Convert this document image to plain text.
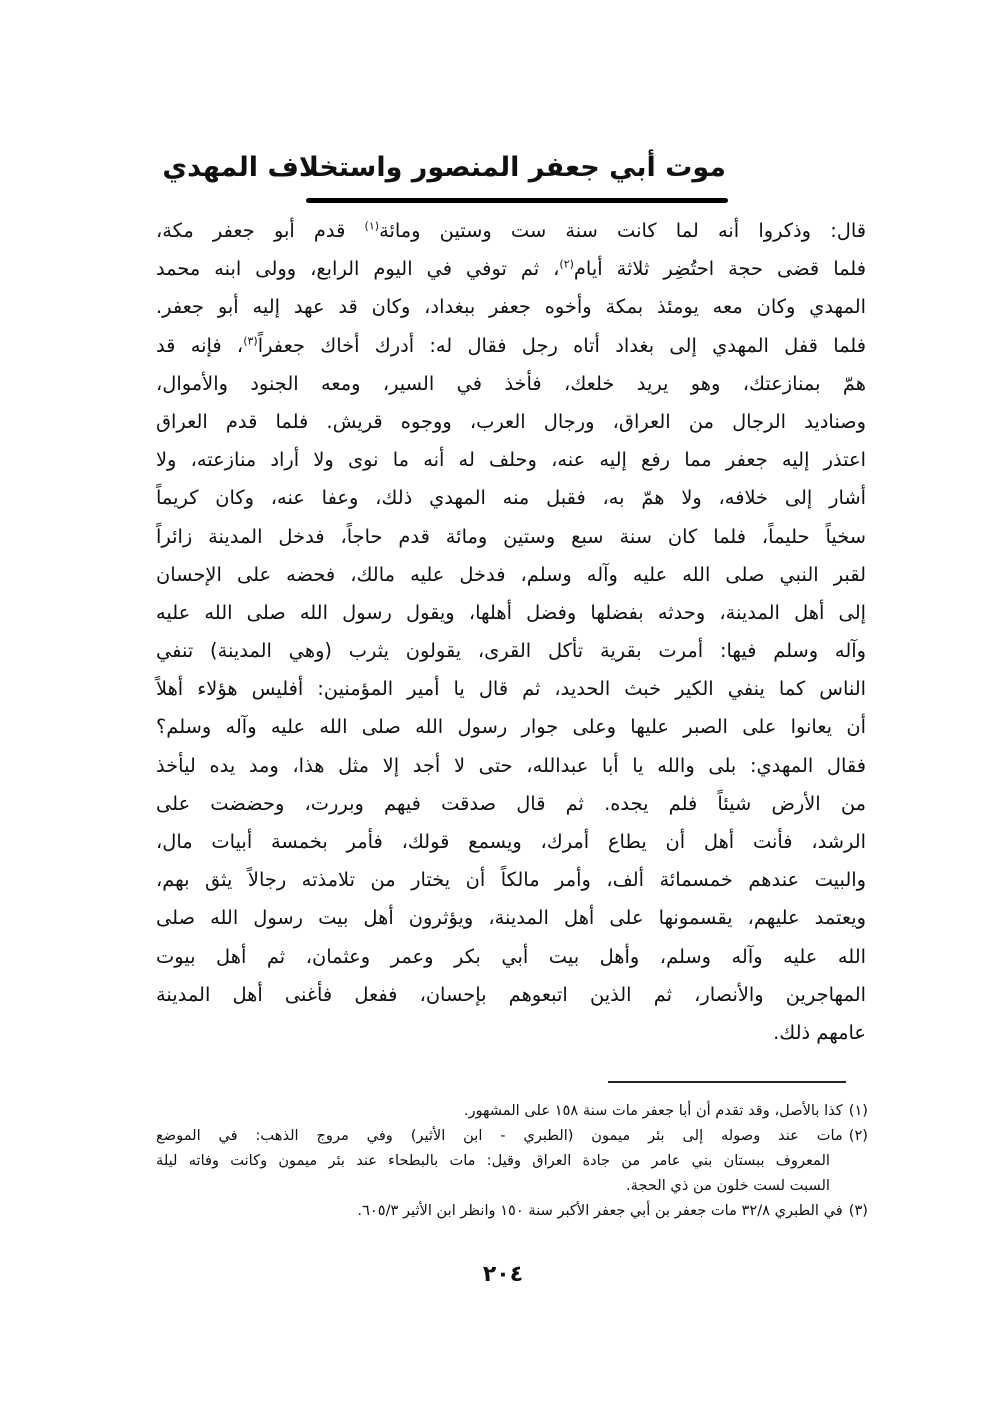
موت أبي جعفر المنصور واستخلاف المهدي
قال: وذكروا أنه لما كانت سنة ست وستين ومائة$^{(١)}$ قدم أبو جعفر مكة،
فلما قضى حجة احتُضِر ثلاثة أيام$^{(٢)}$، ثم توفي في اليوم الرابع، وولى ابنه محمد
المهدي وكان معه يومئذ بمكة وأخوه جعفر ببغداد، وكان قد عهد إليه أبو جعفر.
فلما قفل المهدي إلى بغداد أتاه رجل فقال له: أدرك أخاك جعفراً$^{(٣)}$، فإنه قد
همّ بمنازعتك، وهو يريد خلعك، فأخذ في السير، ومعه الجنود والأموال،
وصناديد الرجال من العراق، ورجال العرب، ووجوه قريش. فلما قدم العراق
اعتذر إليه جعفر مما رفع إليه عنه، وحلف له أنه ما نوى ولا أراد منازعته، ولا
أشار إلى خلافه، ولا همّ به، فقبل منه المهدي ذلك، وعفا عنه، وكان كريماً
سخياً حليماً، فلما كان سنة سبع وستين ومائة قدم حاجاً، فدخل المدينة زائراً
لقبر النبي صلى الله عليه وآله وسلم، فدخل عليه مالك، فحضه على الإحسان
إلى أهل المدينة، وحدثه بفضلها وفضل أهلها، ويقول رسول الله صلى الله عليه
وآله وسلم فيها: أمرت بقرية تأكل القرى، يقولون يثرب (وهي المدينة) تنفي
الناس كما ينفي الكير خبث الحديد، ثم قال يا أمير المؤمنين: أفليس هؤلاء أهلاً
أن يعانوا على الصبر عليها وعلى جوار رسول الله صلى الله عليه وآله وسلم؟
فقال المهدي: بلى والله يا أبا عبدالله، حتى لا أجد إلا مثل هذا، ومد يده ليأخذ
من الأرض شيئاً فلم يجده. ثم قال صدقت فيهم وبررت، وحضضت على
الرشد، فأنت أهل أن يطاع أمرك، ويسمع قولك، فأمر بخمسة أبيات مال،
والبيت عندهم خمسمائة ألف، وأمر مالكاً أن يختار من تلامذته رجالاً يثق بهم،
ويعتمد عليهم، يقسمونها على أهل المدينة، ويؤثرون أهل بيت رسول الله صلى
الله عليه وآله وسلم، وأهل بيت أبي بكر وعمر وعثمان، ثم أهل بيوت
المهاجرين والأنصار، ثم الذين اتبعوهم بإحسان، ففعل فأغنى أهل المدينة
عامهم ذلك.
(١)كذا بالأصل، وقد تقدم أن أبا جعفر مات سنة ١٥٨ على المشهور.
(٢)مات عند وصوله إلى بئر ميمون (الطبري - ابن الأثير) وفي مروج الذهب: في الموضع
المعروف ببستان بني عامر من جادة العراق وقيل: مات بالبطحاء عند بئر ميمون وكانت وفاته ليلة
السبت لست خلون من ذي الحجة.
(٣)في الطبري ٣٢/٨ مات جعفر بن أبي جعفر الأكبر سنة ١٥٠ وانظر ابن الأثير ٦٠٥/٣.
٢٠٤
